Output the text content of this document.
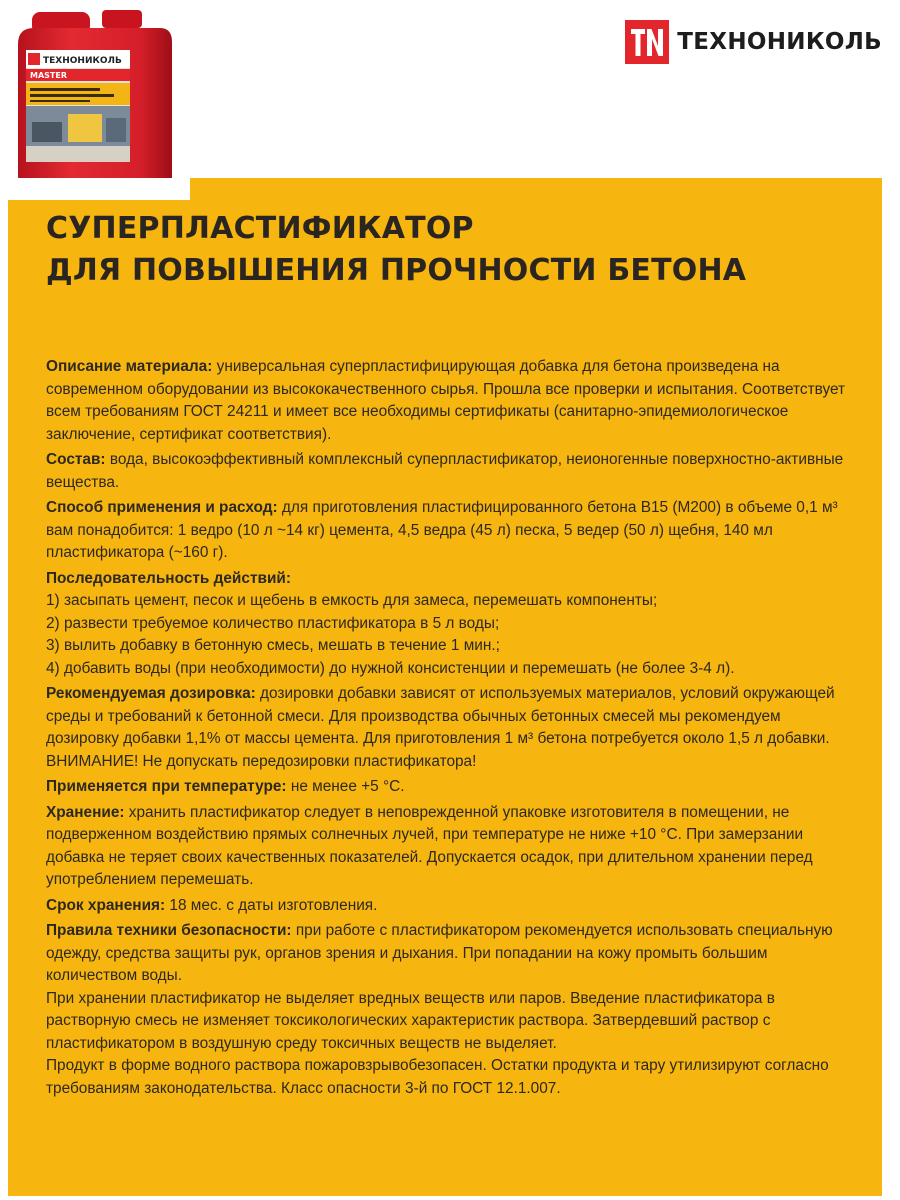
ТЕХНОНИКОЛЬ
MASTER
ТЕХНОНИКОЛЬ
СУПЕРПЛАСТИФИКАТОР
ДЛЯ ПОВЫШЕНИЯ ПРОЧНОСТИ БЕТОНА

Описание материала: универсальная суперпластифицирующая добавка для бетона произведена на современном оборудовании из высококачественного сырья. Прошла все проверки и испытания. Соответствует всем требованиям ГОСТ 24211 и имеет все необходимы сертификаты (санитарно-эпидемиологическое заключение, сертификат соответствия).

Состав: вода, высокоэффективный комплексный суперпластификатор, неионогенные поверхностно-активные вещества.

Способ применения и расход: для приготовления пластифицированного бетона В15 (М200) в объеме 0,1 м³ вам понадобится: 1 ведро (10 л ~14 кг) цемента, 4,5 ведра (45 л) песка, 5 ведер (50 л) щебня, 140 мл пластификатора (~160 г).

Последовательность действий:
1) засыпать цемент, песок и щебень в емкость для замеса, перемешать компоненты;
2) развести требуемое количество пластификатора в 5 л воды;
3) вылить добавку в бетонную смесь, мешать в течение 1 мин.;
4) добавить воды (при необходимости) до нужной консистенции и перемешать (не более 3-4 л).

Рекомендуемая дозировка: дозировки добавки зависят от используемых материалов, условий окружающей среды и требований к бетонной смеси. Для производства обычных бетонных смесей мы рекомендуем дозировку добавки 1,1% от массы цемента. Для приготовления 1 м³ бетона потребуется около 1,5 л добавки.
ВНИМАНИЕ! Не допускать передозировки пластификатора!

Применяется при температуре: не менее +5 °С.

Хранение: хранить пластификатор следует в неповрежденной упаковке изготовителя в помещении, не подверженном воздействию прямых солнечных лучей, при температуре не ниже +10 °С. При замерзании добавка не теряет своих качественных показателей. Допускается осадок, при длительном хранении перед употреблением перемешать.

Срок хранения: 18 мес. с даты изготовления.

Правила техники безопасности: при работе с пластификатором рекомендуется использовать специальную одежду, средства защиты рук, органов зрения и дыхания. При попадании на кожу промыть большим количеством воды.
При хранении пластификатор не выделяет вредных веществ или паров. Введение пластификатора в растворную смесь не изменяет токсикологических характеристик раствора. Затвердевший раствор с пластификатором в воздушную среду токсичных веществ не выделяет.
Продукт в форме водного раствора пожаровзрывобезопасен. Остатки продукта и тару утилизируют согласно требованиям законодательства. Класс опасности 3-й по ГОСТ 12.1.007.
